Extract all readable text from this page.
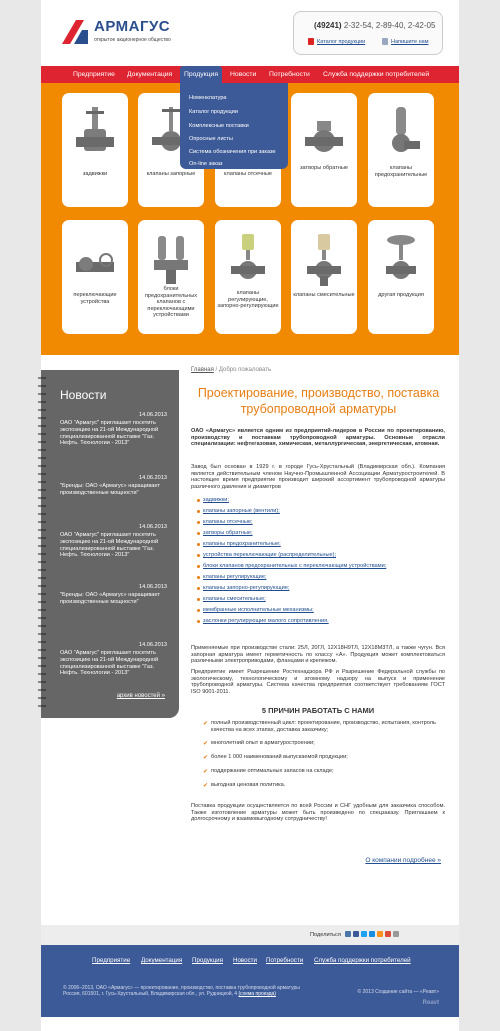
АРМАГУС
открытое акционерное общество
(49241) 2-32-54, 2-89-40, 2-42-05
Каталог продукции	Напишите нам
Предприятие Документация	Продукция	Новости Потребности Служба поддержки потребителей
задвижки	клапаны запорные	клапаны отсечные
затворы обратные	клапаны предохранительные
переключающие устройства
блоки предохранительных клапанов с переключающими устройствами
клапаны регулирующие, запорно-регулирующие
клапаны смесительные	другая продукция
Номенклатура
Каталог продукции
Комплексные поставки
Опросные листы
Система обозначения при заказе
On-line заказ
Новости
14.06.2013
ОАО "Армагус" приглашает посетить экспозицию на 21-ой Международной специализированной выставке "Газ. Нефть. Технологии - 2013"
14.06.2013
"Бренды: ОАО «Армагус» наращивает производственные мощности"
14.06.2013
ОАО "Армагус" приглашает посетить экспозицию на 21-ой Международной специализированной выставке "Газ. Нефть. Технологии - 2013"
14.06.2013
"Бренды: ОАО «Армагус» наращивает производственные мощности"
14.06.2013
ОАО "Армагус" приглашает посетить экспозицию на 21-ой Международной специализированной выставке "Газ. Нефть. Технологии - 2013"
архив новостей »
Главная / Добро пожаловать
Проектирование, производство, поставка трубопроводной арматуры
ОАО «Армагус» является одним из предприятий-лидеров в России по проектированию, производству и поставкам трубопроводной арматуры. Основные отрасли специализации: нефтегазовая, химическая, металлургическая, энергетическая, атомная.
Завод был основан в 1929 г. в городе Гусь-Хрустальный (Владимирская обл.). Компания является действительным членом Научно-Промышленной Ассоциации Арматуростроителей. В настоящее время предприятие производит широкий ассортимент трубопроводной арматуры различного давления и диаметров
задвижки;
клапаны запорные (вентили);
клапаны отсечные;
затворы обратные;
клапаны предохранительные;
устройства переключающие (распределительные);
блоки клапанов предохранительных с переключающим устройствами;
клапаны регулирующие;
клапаны запорно-регулирующие;
клапаны смесительные;
мембранные исполнительные механизмы;
заслонки регулирующие малого сопротивления.
Применяемые при производстве стали: 25Л, 20ГЛ, 12Х18Н9ТЛ, 12Х18М3ТЛ, а также чугун. Вся запорная арматура имеет герметичность по классу «А». Продукция может комплектоваться различными электроприводами, фланцами и крепежом.
Предприятие имеет Разрешение Ростехнадзора РФ и Разрешение Федеральной службы по экологическому, технологическому и атомному надзору на выпуск и применение трубопроводной арматуры. Система качества предприятия соответствует требованиям ГОСТ ISO 9001-2011.
5 ПРИЧИН РАБОТАТЬ С НАМИ
✔ полный производственный цикл: проектирование, производство, испытания, контроль качества на всех этапах, доставка заказчику;
✔ многолетний опыт в арматуростроении;
✔ более 1 000 наименований выпускаемой продукции;
✔ поддержание оптимальных запасов на складе;
✔ выгодная ценовая политика.
Поставка продукции осуществляется по всей России и СНГ удобным для заказчика способом. Также изготовление арматуры может быть произведено по спецзаказу. Приглашаем к долгосрочному и взаимовыгодному сотрудничеству!
О компании подробнее »
Поделиться
Предприятие Документация Продукция Новости Потребности Служба поддержки потребителей
© 2006–2013, ОАО «Армагус» — проектирование, производство, поставка трубопроводной арматуры
Россия, 601501, г. Гусь-Хрустальный, Владимирская обл., ул. Рудницкой, 4 (схема проезда)	© 2013 Создание сайта — «Реавт»
Reavt
